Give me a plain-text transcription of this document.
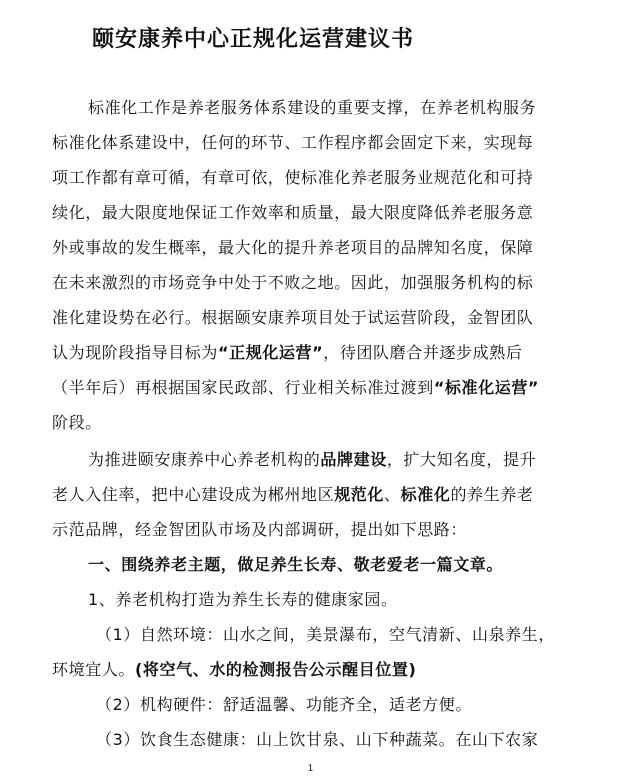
颐安康养中心正规化运营建议书
标准化工作是养老服务体系建设的重要支撑，在养老机构服务
标准化体系建设中，任何的环节、工作程序都会固定下来，实现每
项工作都有章可循，有章可依，使标准化养老服务业规范化和可持
续化，最大限度地保证工作效率和质量，最大限度降低养老服务意
外或事故的发生概率，最大化的提升养老项目的品牌知名度，保障
在未来激烈的市场竞争中处于不败之地。因此，加强服务机构的标
准化建设势在必行。根据颐安康养项目处于试运营阶段，金智团队
认为现阶段指导目标为“正规化运营”，待团队磨合并逐步成熟后
（半年后）再根据国家民政部、行业相关标准过渡到“标准化运营”
阶段。
为推进颐安康养中心养老机构的品牌建设，扩大知名度，提升
老人入住率，把中心建设成为郴州地区规范化、标准化的养生养老
示范品牌，经金智团队市场及内部调研，提出如下思路：
一、围绕养老主题，做足养生长寿、敬老爱老一篇文章。
1、养老机构打造为养生长寿的健康家园。
（1）自然环境：山水之间，美景瀑布，空气清新、山泉养生，
环境宜人。(将空气、水的检测报告公示醒目位置)
（2）机构硬件：舒适温馨、功能齐全，适老方便。
（3）饮食生态健康：山上饮甘泉、山下种蔬菜。在山下农家
1
